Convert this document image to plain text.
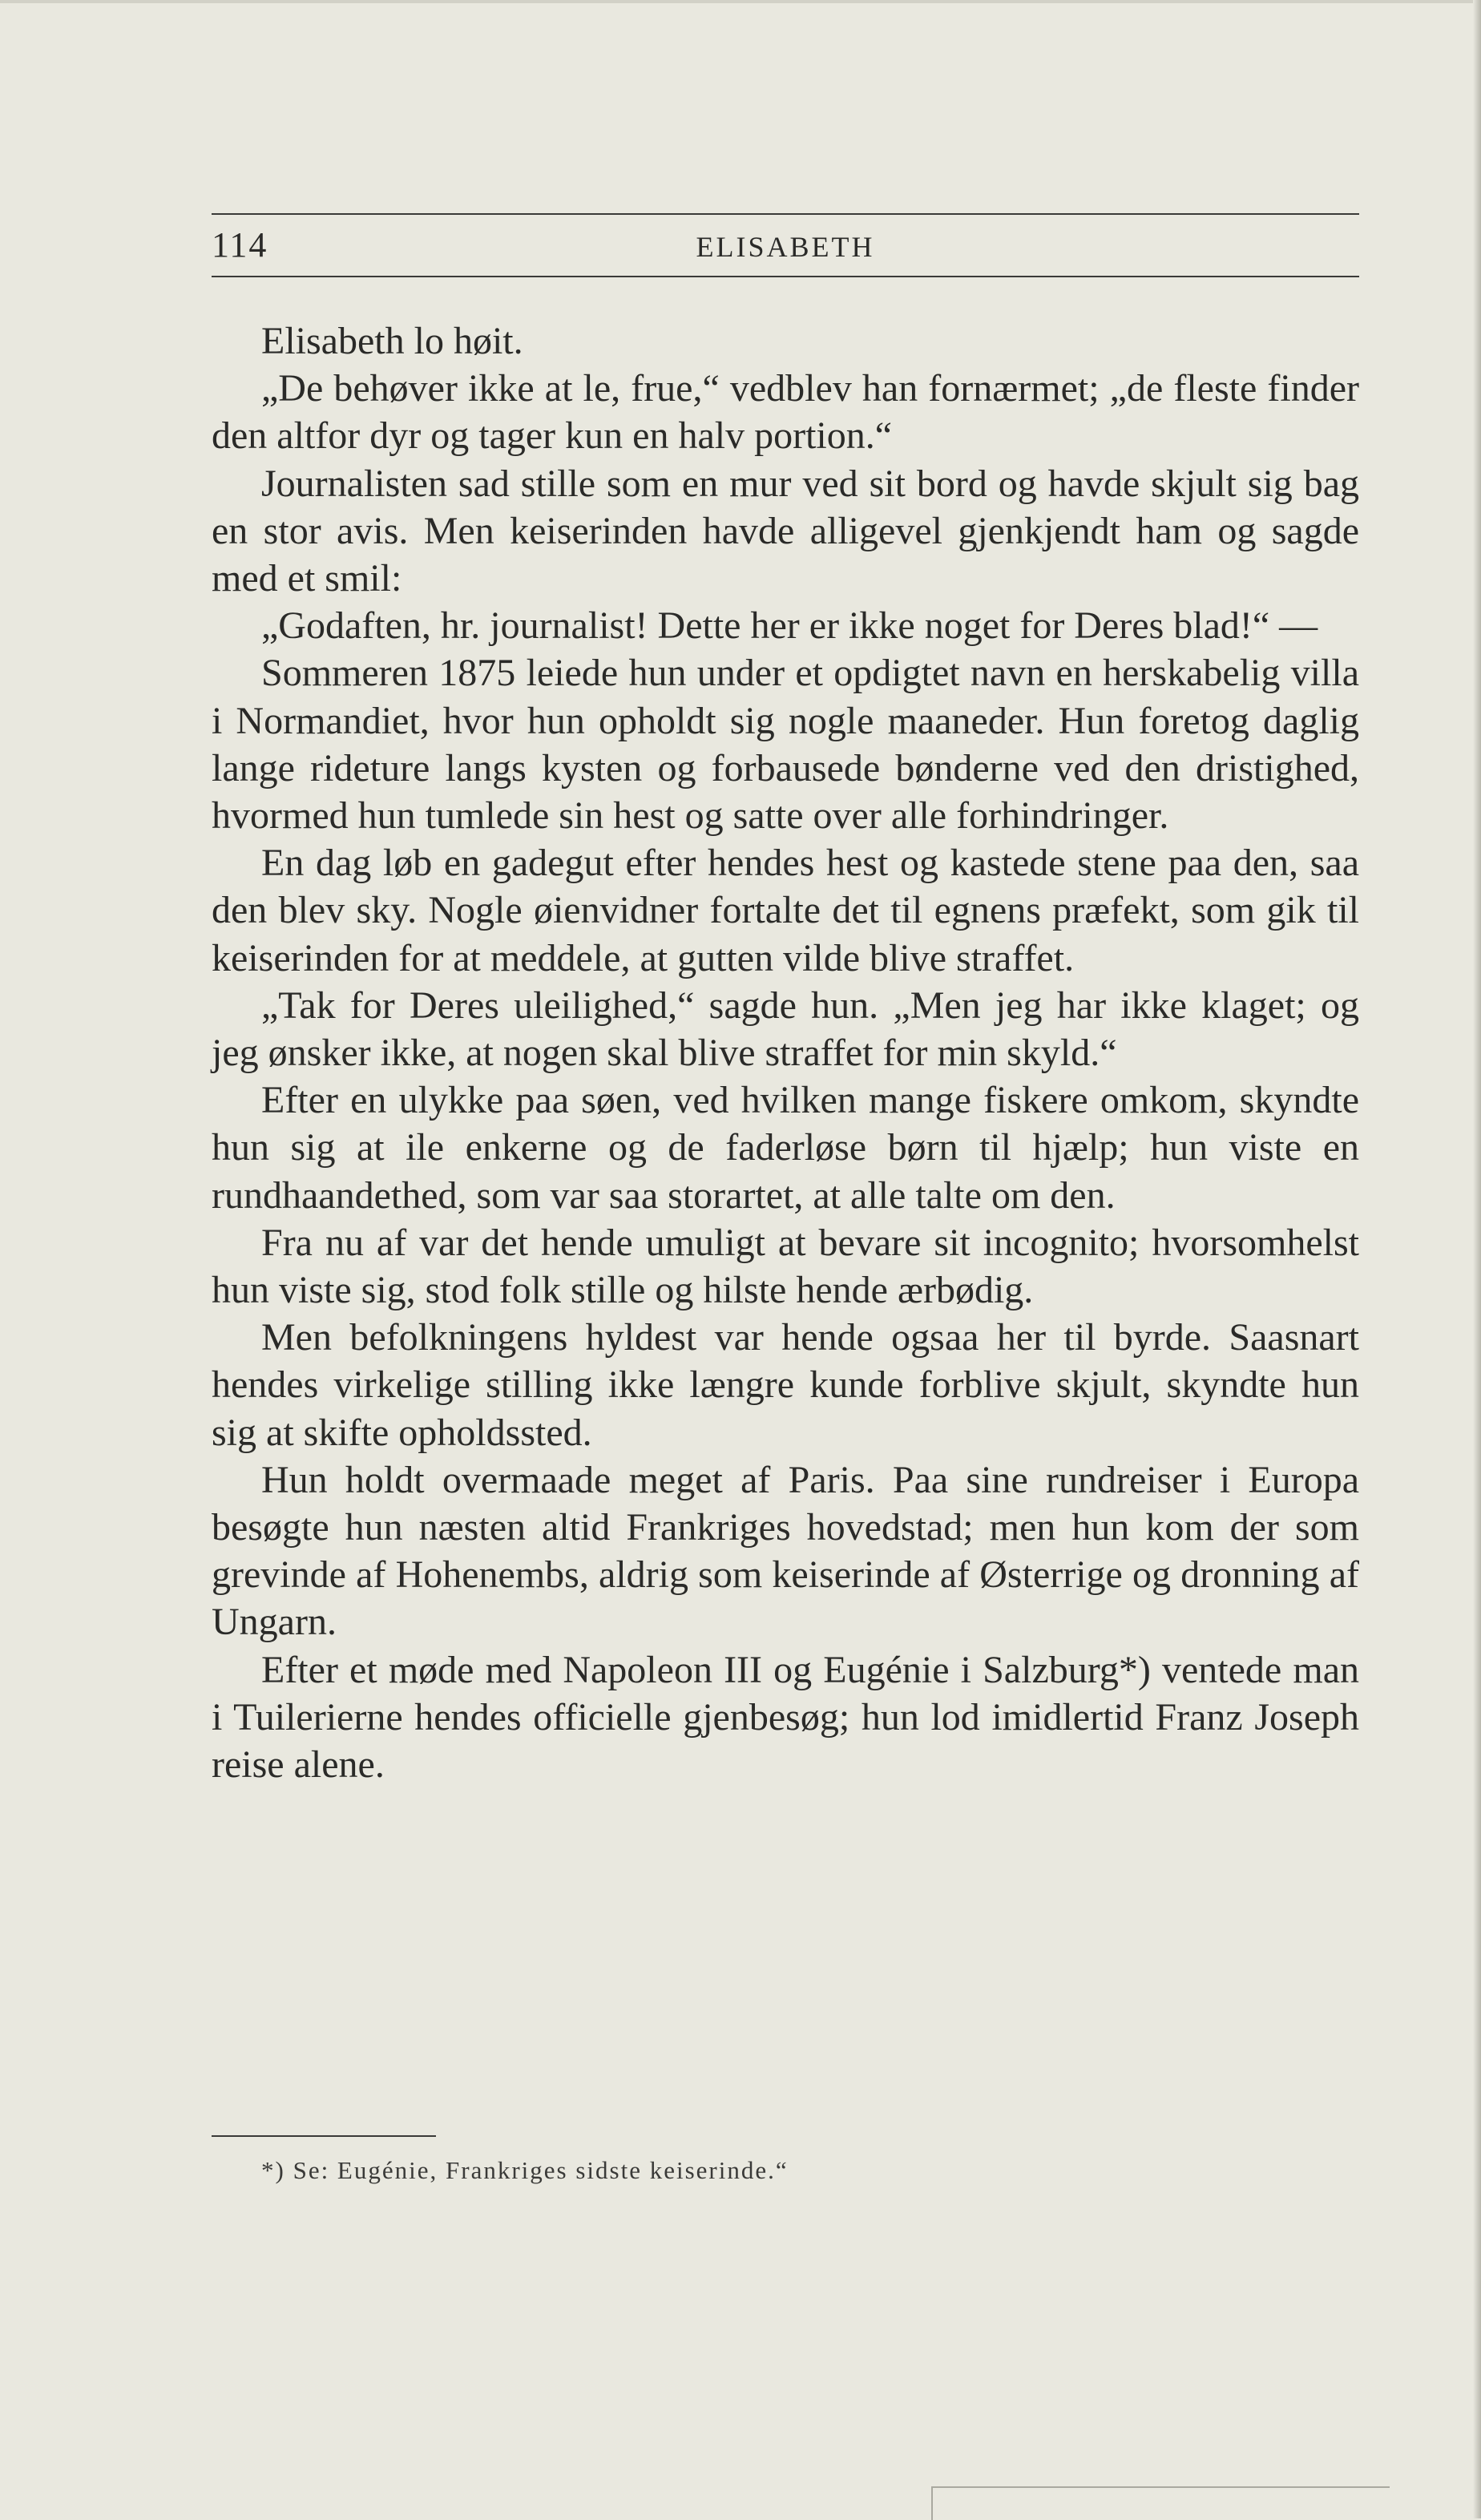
114	ELISABETH

Elisabeth lo høit.

„De behøver ikke at le, frue,“ vedblev han fornærmet; „de fleste finder den altfor dyr og tager kun en halv portion.“

Journalisten sad stille som en mur ved sit bord og havde skjult sig bag en stor avis. Men keiserinden havde alligevel gjenkjendt ham og sagde med et smil:

„Godaften, hr. journalist! Dette her er ikke noget for Deres blad!“ —

Sommeren 1875 leiede hun under et opdigtet navn en herskabelig villa i Normandiet, hvor hun opholdt sig nogle maaneder. Hun foretog daglig lange rideture langs kysten og forbausede bønderne ved den dristighed, hvormed hun tumlede sin hest og satte over alle forhindringer.

En dag løb en gadegut efter hendes hest og kastede stene paa den, saa den blev sky. Nogle øienvidner fortalte det til egnens præfekt, som gik til keiserinden for at meddele, at gutten vilde blive straffet.

„Tak for Deres uleilighed,“ sagde hun. „Men jeg har ikke klaget; og jeg ønsker ikke, at nogen skal blive straffet for min skyld.“

Efter en ulykke paa søen, ved hvilken mange fiskere omkom, skyndte hun sig at ile enkerne og de faderløse børn til hjælp; hun viste en rundhaandethed, som var saa storartet, at alle talte om den.

Fra nu af var det hende umuligt at bevare sit incognito; hvorsomhelst hun viste sig, stod folk stille og hilste hende ærbødig.

Men befolkningens hyldest var hende ogsaa her til byrde. Saasnart hendes virkelige stilling ikke længre kunde forblive skjult, skyndte hun sig at skifte opholdssted.

Hun holdt overmaade meget af Paris. Paa sine rundreiser i Europa besøgte hun næsten altid Frankriges hovedstad; men hun kom der som grevinde af Hohenembs, aldrig som keiserinde af Østerrige og dronning af Ungarn.

Efter et møde med Napoleon III og Eugénie i Salzburg*) ventede man i Tuilerierne hendes officielle gjenbesøg; hun lod imidlertid Franz Joseph reise alene.

*) Se: Eugénie, Frankriges sidste keiserinde.“
